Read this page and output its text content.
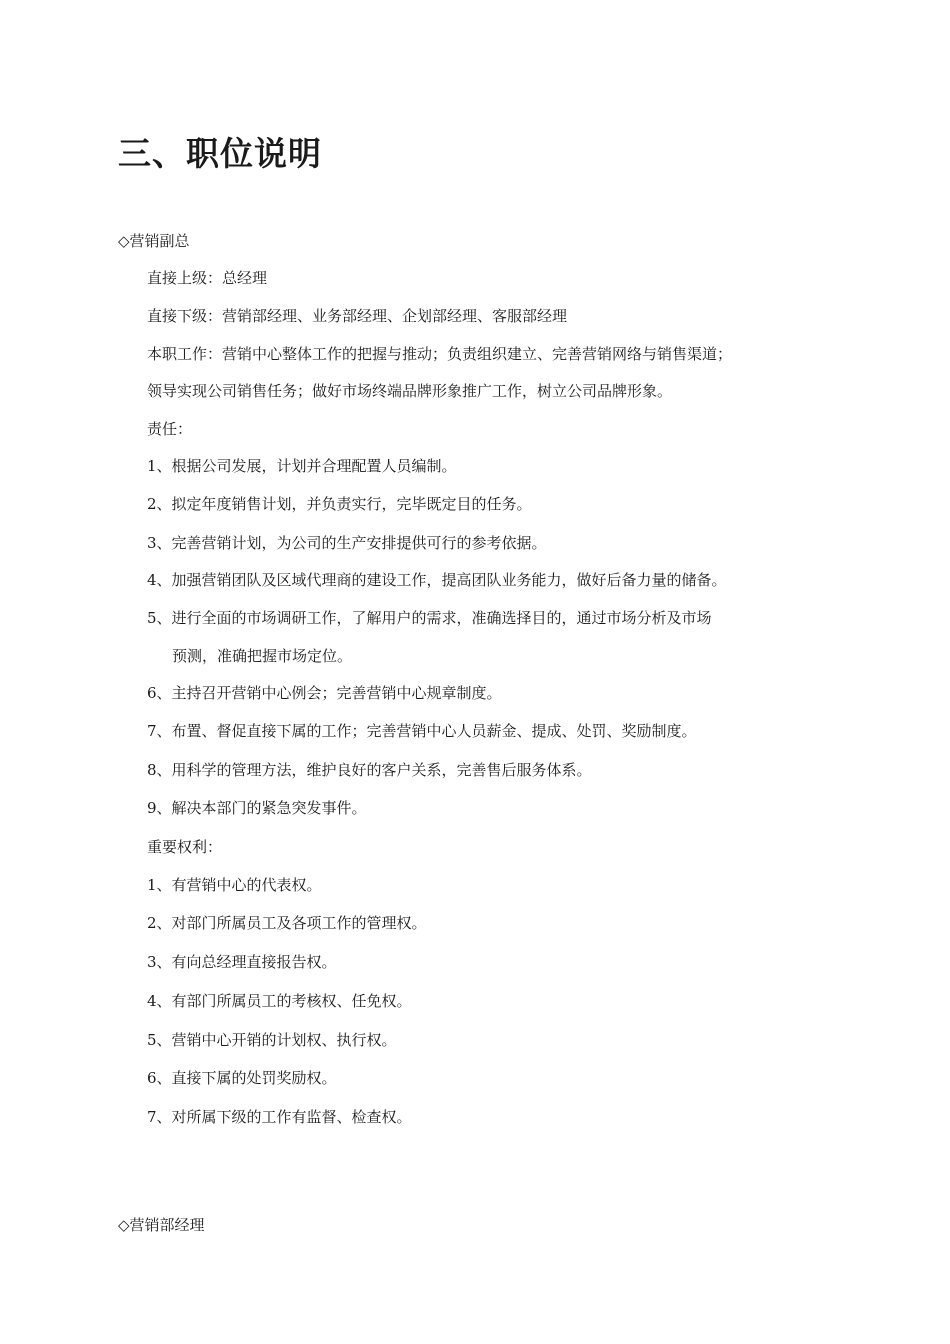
三、职位说明

◇营销副总

直接上级：总经理

直接下级：营销部经理、业务部经理、企划部经理、客服部经理

本职工作：营销中心整体工作的把握与推动；负责组织建立、完善营销网络与销售渠道；

领导实现公司销售任务；做好市场终端品牌形象推广工作，树立公司品牌形象。

责任：

1、根据公司发展，计划并合理配置人员编制。

2、拟定年度销售计划，并负责实行，完毕既定目的任务。

3、完善营销计划，为公司的生产安排提供可行的参考依据。

4、加强营销团队及区域代理商的建设工作，提高团队业务能力，做好后备力量的储备。

5、进行全面的市场调研工作，了解用户的需求，准确选择目的，通过市场分析及市场

预测，准确把握市场定位。

6、主持召开营销中心例会；完善营销中心规章制度。

7、布置、督促直接下属的工作；完善营销中心人员薪金、提成、处罚、奖励制度。

8、用科学的管理方法，维护良好的客户关系，完善售后服务体系。

9、解决本部门的紧急突发事件。

重要权利：

1、有营销中心的代表权。

2、对部门所属员工及各项工作的管理权。

3、有向总经理直接报告权。

4、有部门所属员工的考核权、任免权。

5、营销中心开销的计划权、执行权。

6、直接下属的处罚奖励权。

7、对所属下级的工作有监督、检查权。

◇营销部经理
